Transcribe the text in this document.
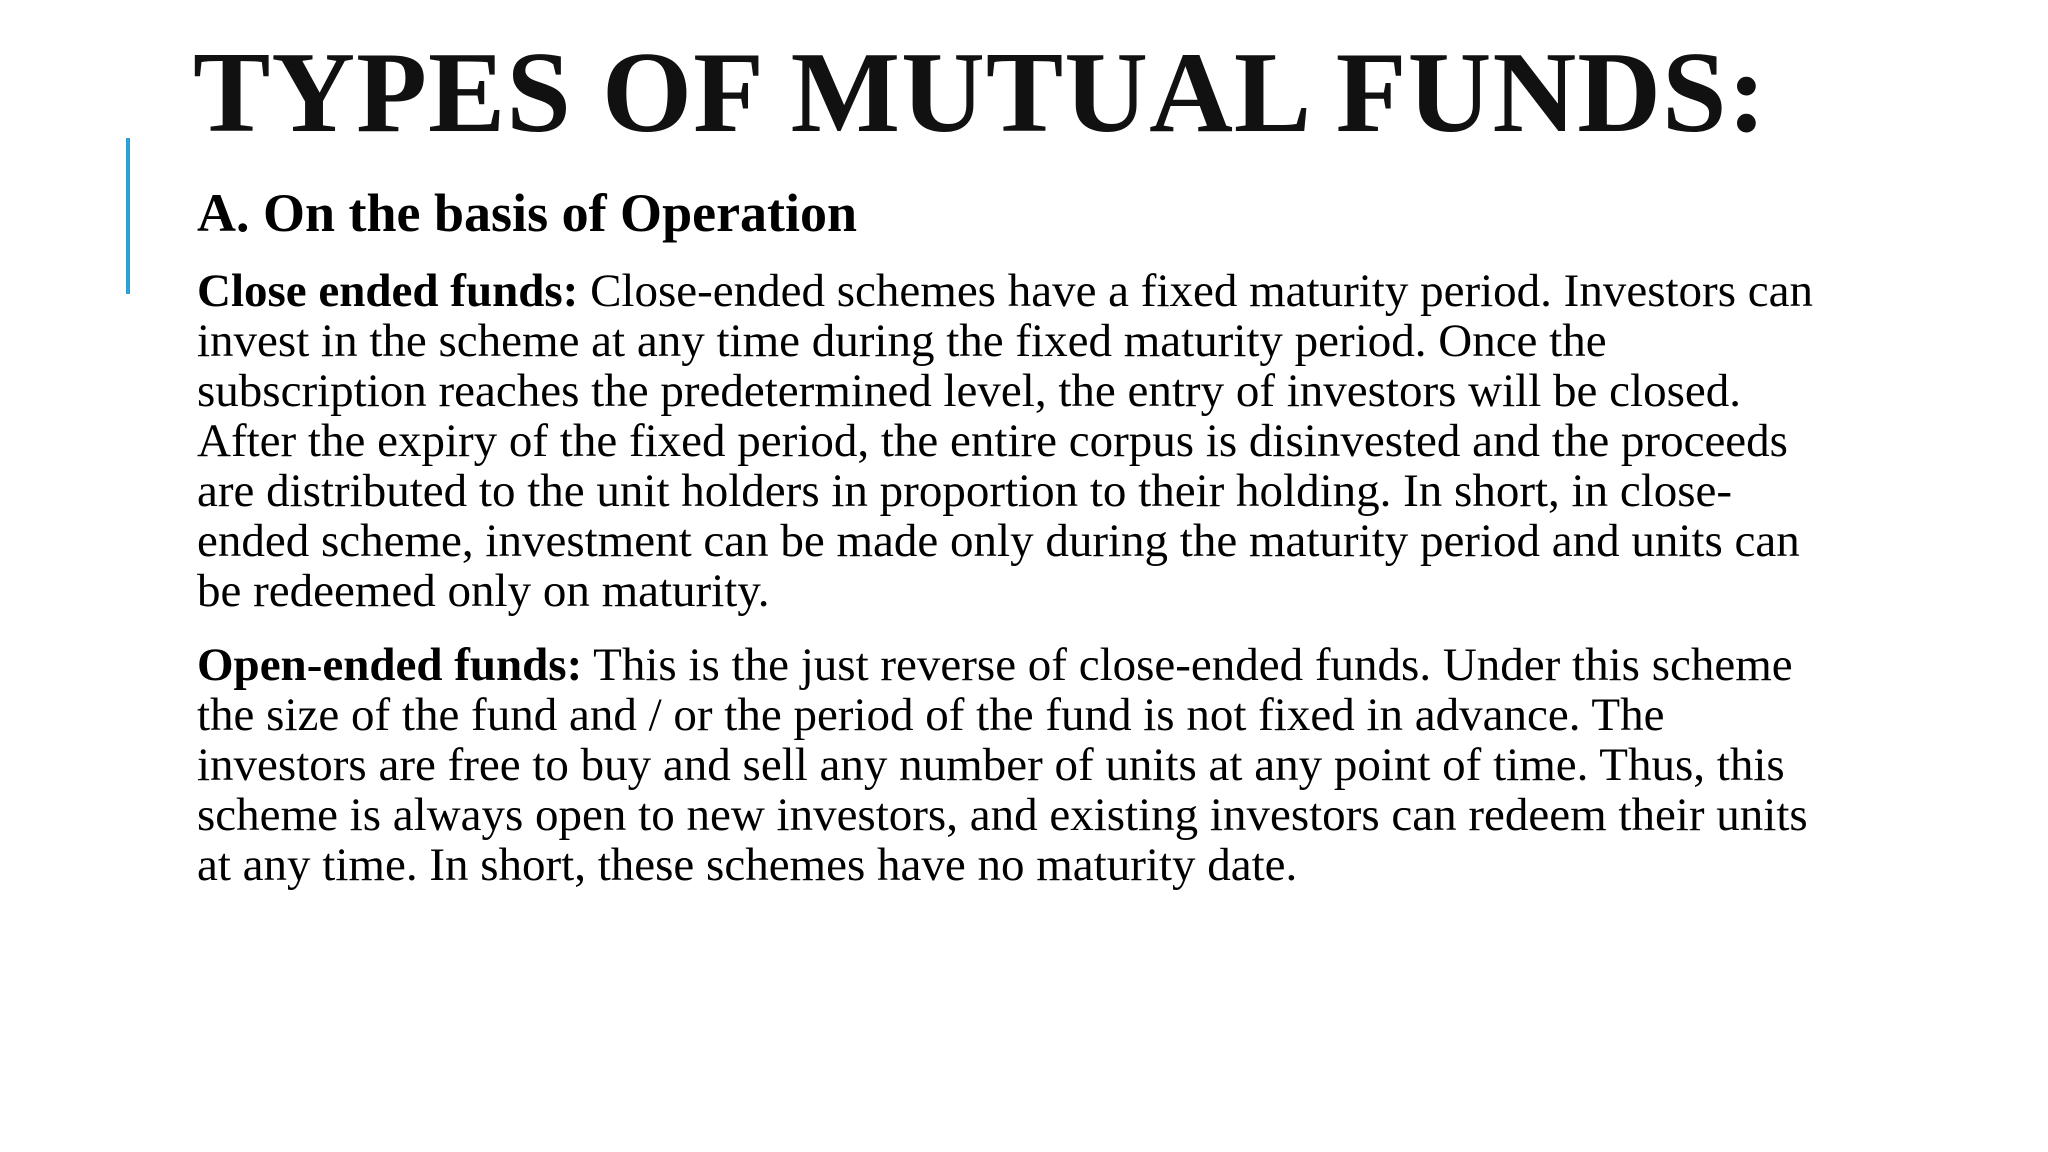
TYPES OF MUTUAL FUNDS:
A. On the basis of Operation

Close ended funds: Close-ended schemes have a fixed maturity period. Investors can invest in the scheme at any time during the fixed maturity period. Once the subscription reaches the predetermined level, the entry of investors will be closed. After the expiry of the fixed period, the entire corpus is disinvested and the proceeds are distributed to the unit holders in proportion to their holding. In short, in close-ended scheme, investment can be made only during the maturity period and units can be redeemed only on maturity.

Open-ended funds: This is the just reverse of close-ended funds. Under this scheme the size of the fund and / or the period of the fund is not fixed in advance. The investors are free to buy and sell any number of units at any point of time. Thus, this scheme is always open to new investors, and existing investors can redeem their units at any time. In short, these schemes have no maturity date.
